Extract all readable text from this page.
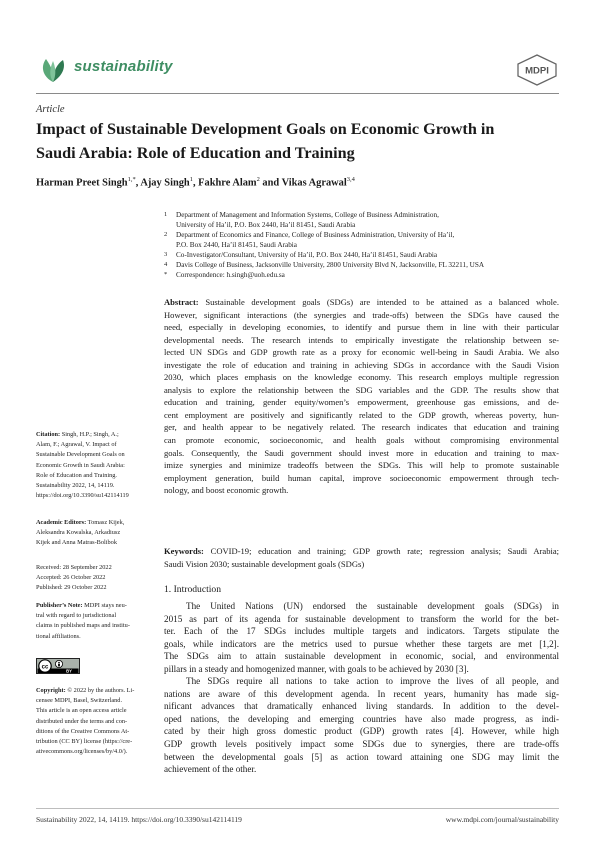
sustainability	MDPI
Article
Impact of Sustainable Development Goals on Economic Growth in Saudi Arabia: Role of Education and Training
Harman Preet Singh$^{1,*}$, Ajay Singh$^1$, Fakhre Alam$^2$ and Vikas Agrawal$^{3,4}$
1	Department of Management and Information Systems, College of Business Administration,
University of Ha’il, P.O. Box 2440, Ha’il 81451, Saudi Arabia
2	Department of Economics and Finance, College of Business Administration, University of Ha’il,
P.O. Box 2440, Ha’il 81451, Saudi Arabia
3	Co-Investigator/Consultant, University of Ha’il, P.O. Box 2440, Ha’il 81451, Saudi Arabia
4	Davis College of Business, Jacksonville University, 2800 University Blvd N, Jacksonville, FL 32211, USA
*	Correspondence: h.singh@uoh.edu.sa
Abstract: Sustainable development goals (SDGs) are intended to be attained as a balanced whole.
However, significant interactions (the synergies and trade-offs) between the SDGs have caused the
need, especially in developing economies, to identify and pursue them in line with their particular
developmental needs. The research intends to empirically investigate the relationship between se-
lected UN SDGs and GDP growth rate as a proxy for economic well-being in Saudi Arabia. We also
investigate the role of education and training in achieving SDGs in accordance with the Saudi Vision
2030, which places emphasis on the knowledge economy. This research employs multiple regression
analysis to explore the relationship between the SDG variables and the GDP. The results show that
education and training, gender equity/women’s empowerment, greenhouse gas emissions, and de-
cent employment are positively and significantly related to the GDP growth, whereas poverty, hun-
ger, and health appear to be negatively related. The research indicates that education and training
can promote economic, socioeconomic, and health goals without compromising environmental
goals. Consequently, the Saudi government should invest more in education and training to max-
imize synergies and minimize tradeoffs between the SDGs. This will help to promote sustainable
employment generation, build human capital, improve socioeconomic empowerment through tech-
nology, and boost economic growth.
Keywords: COVID-19; education and training; GDP growth rate; regression analysis; Saudi Arabia;
Saudi Vision 2030; sustainable development goals (SDGs)
Citation: Singh, H.P.; Singh, A.;
Alam, F.; Agrawal, V. Impact of
Sustainable Development Goals on
Economic Growth in Saudi Arabia:
Role of Education and Training.
Sustainability 2022, 14, 14119.
https://doi.org/10.3390/su142114119
Academic Editors: Tomasz Kijek,
Aleksandra Kowalska, Arkadiusz
Kijek and Anna Matras-Bolibok
Received: 28 September 2022
Accepted: 26 October 2022
Published: 29 October 2022
Publisher’s Note: MDPI stays neu-
tral with regard to jurisdictional
claims in published maps and institu-
tional affiliations.
cc
BY
Copyright: © 2022 by the authors. Li-
censee MDPI, Basel, Switzerland.
This article is an open access article
distributed under the terms and con-
ditions of the Creative Commons At-
tribution (CC BY) license (https://cre-
ativecommons.org/licenses/by/4.0/).
1. Introduction
The United Nations (UN) endorsed the sustainable development goals (SDGs) in
2015 as part of its agenda for sustainable development to transform the world for the bet-
ter. Each of the 17 SDGs includes multiple targets and indicators. Targets stipulate the
goals, while indicators are the metrics used to pursue whether these targets are met [1,2].
The SDGs aim to attain sustainable development in economic, social, and environmental
pillars in a steady and homogenized manner, with goals to be achieved by 2030 [3].
The SDGs require all nations to take action to improve the lives of all people, and
nations are aware of this development agenda. In recent years, humanity has made sig-
nificant advances that dramatically enhanced living standards. In addition to the devel-
oped nations, the developing and emerging countries have also made progress, as indi-
cated by their high gross domestic product (GDP) growth rates [4]. However, while high
GDP growth levels positively impact some SDGs due to synergies, there are trade-offs
between the developmental goals [5] as action toward attaining one SDG may limit the
achievement of the other.
Sustainability 2022, 14, 14119. https://doi.org/10.3390/su142114119	www.mdpi.com/journal/sustainability
